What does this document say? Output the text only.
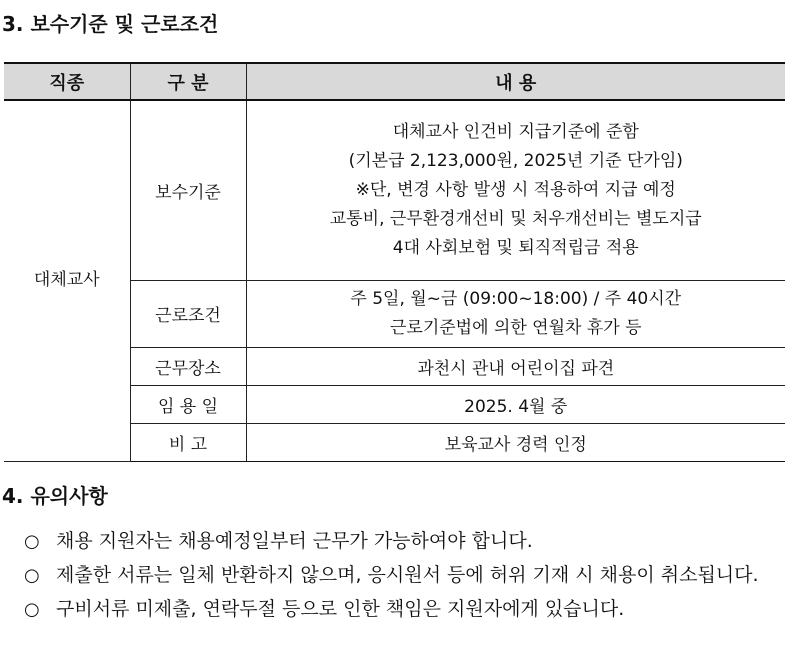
3. 보수기준 및 근로조건
직종	구 분	내 용

대체교사	보수기준	대체교사 인건비 지급기준에 준함
(기본급 2,123,000원, 2025년 기준 단가임)
※단, 변경 사항 발생 시 적용하여 지급 예정
교통비, 근무환경개선비 및 처우개선비는 별도지급
4대 사회보험 및 퇴직적립금 적용

	근로조건	주 5일, 월~금 (09:00~18:00) / 주 40시간
근로기준법에 의한 연월차 휴가 등

	근무장소	과천시 관내 어린이집 파견
	임 용 일	2025. 4월 중
	비 고	보육교사 경력 인정
4. 유의사항
○ 채용 지원자는 채용예정일부터 근무가 가능하여야 합니다.
○ 제출한 서류는 일체 반환하지 않으며, 응시원서 등에 허위 기재 시 채용이 취소됩니다.
○ 구비서류 미제출, 연락두절 등으로 인한 책임은 지원자에게 있습니다.
